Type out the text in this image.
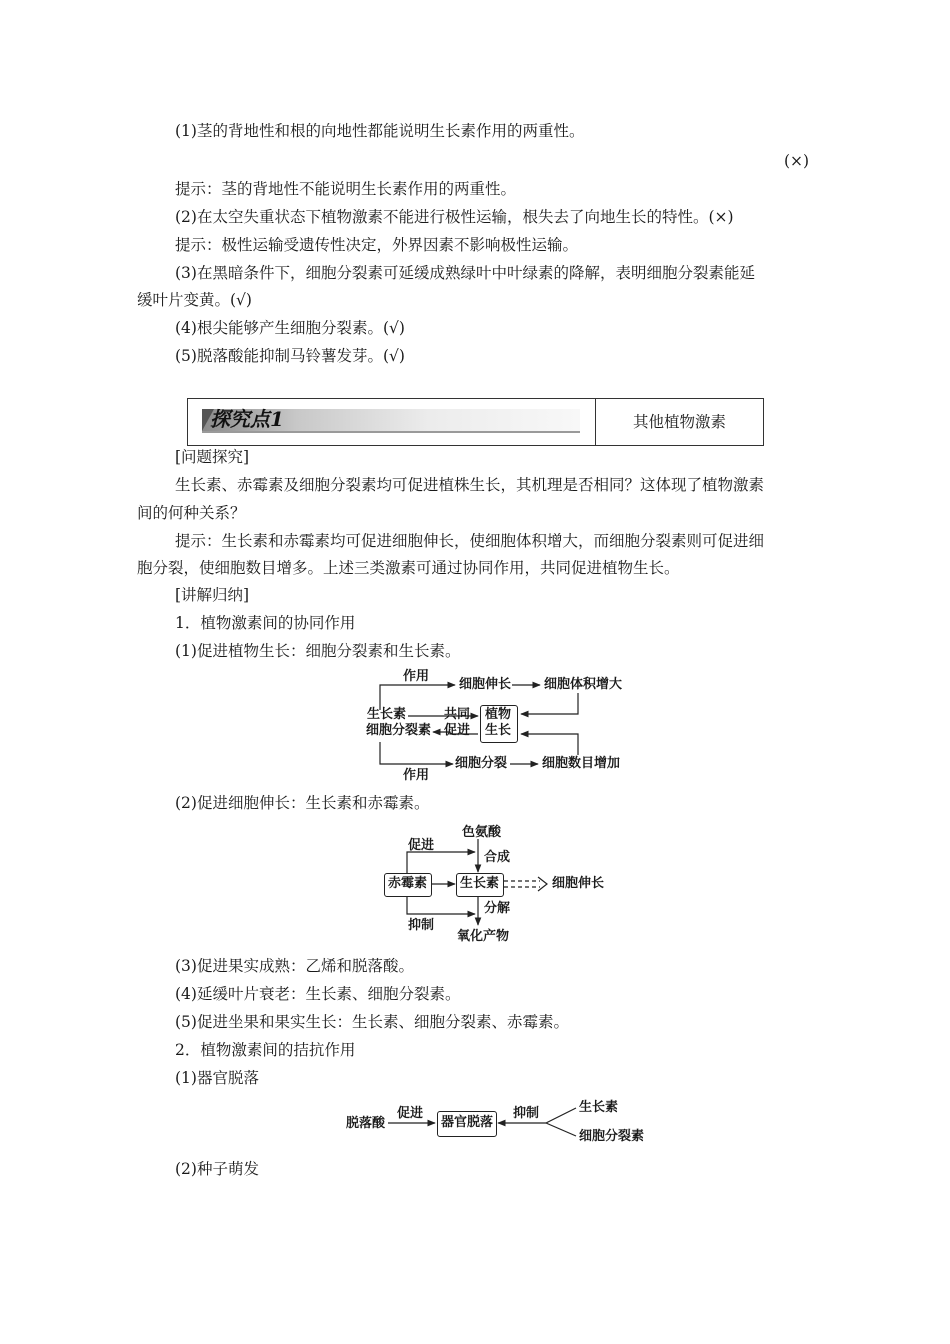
(1)茎的背地性和根的向地性都能说明生长素作用的两重性。
(×)
提示：茎的背地性不能说明生长素作用的两重性。
(2)在太空失重状态下植物激素不能进行极性运输，根失去了向地生长的特性。(×)
提示：极性运输受遗传性决定，外界因素不影响极性运输。
(3)在黑暗条件下，细胞分裂素可延缓成熟绿叶中叶绿素的降解，表明细胞分裂素能延
缓叶片变黄。(√)
(4)根尖能够产生细胞分裂素。(√)
(5)脱落酸能抑制马铃薯发芽。(√)
探究点1	其他植物激素
[问题探究]
生长素、赤霉素及细胞分裂素均可促进植株生长，其机理是否相同？这体现了植物激素
间的何种关系？
提示：生长素和赤霉素均可促进细胞伸长，使细胞体积增大，而细胞分裂素则可促进细
胞分裂，使细胞数目增多。上述三类激素可通过协同作用，共同促进植物生长。
[讲解归纳]
1．植物激素间的协同作用
(1)促进植物生长：细胞分裂素和生长素。
作用
细胞伸长	细胞体积增大
生长素
细胞分裂素
共同
促进
植物
生长
细胞分裂	细胞数目增加
作用
(2)促进细胞伸长：生长素和赤霉素。
色氨酸
促进
合成
赤霉素	生长素	细胞伸长
分解
抑制
氧化产物
(3)促进果实成熟：乙烯和脱落酸。
(4)延缓叶片衰老：生长素、细胞分裂素。
(5)促进坐果和果实生长：生长素、细胞分裂素、赤霉素。
2．植物激素间的拮抗作用
(1)器官脱落
脱落酸
促进
器官脱落
抑制	生长素
细胞分裂素
(2)种子萌发
